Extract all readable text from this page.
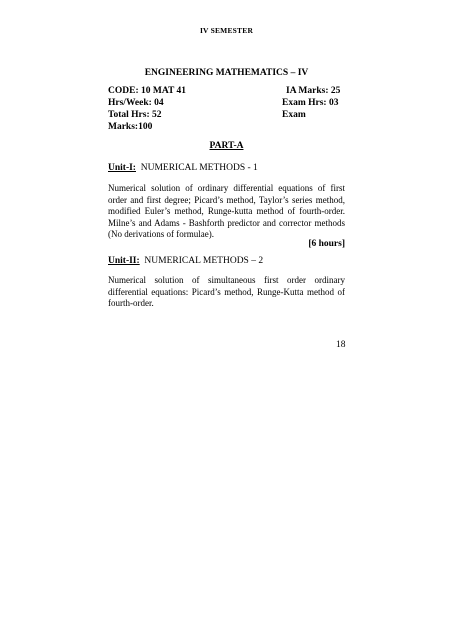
IV SEMESTER
ENGINEERING MATHEMATICS – IV
CODE: 10 MAT 41
Hrs/Week: 04
Total Hrs: 52
Marks:100
IA Marks: 25
Exam Hrs: 03
Exam
PART-A
Unit-I: NUMERICAL METHODS - 1
Numerical solution of ordinary differential equations of first order and first degree; Picard’s method, Taylor’s series method, modified Euler’s method, Runge-kutta method of fourth-order. Milne’s and Adams - Bashforth predictor and corrector methods (No derivations of formulae).
[6 hours]
Unit-II: NUMERICAL METHODS – 2
Numerical solution of simultaneous first order ordinary differential equations: Picard’s method, Runge-Kutta method of fourth-order.
18
